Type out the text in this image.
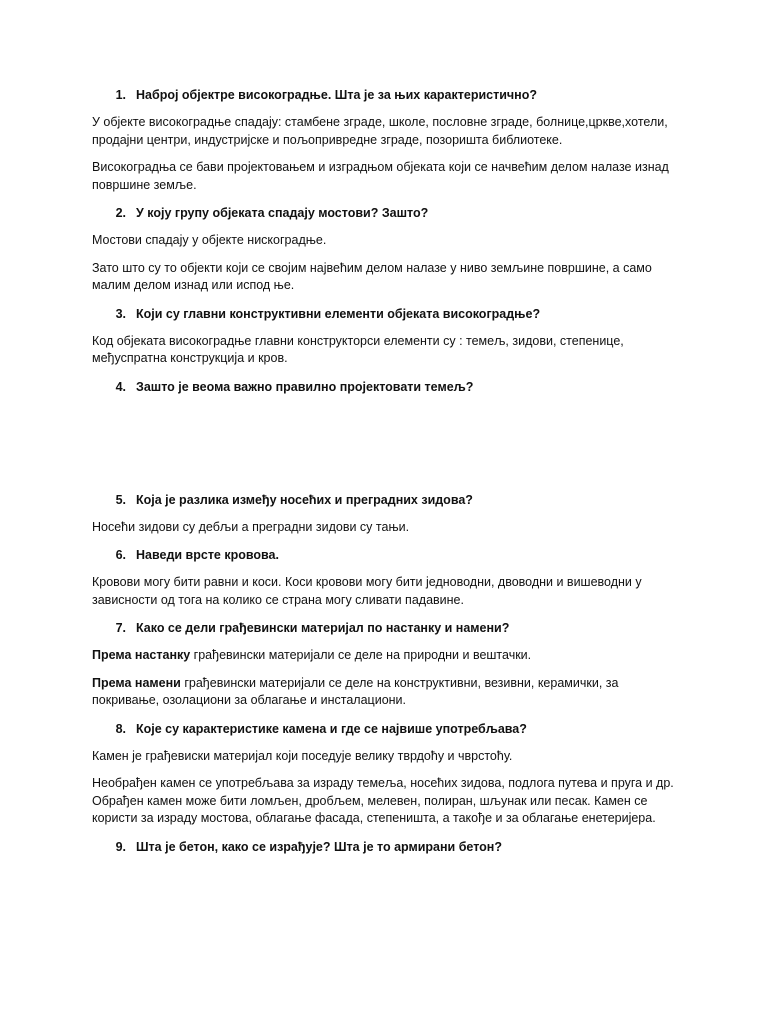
1. Наброј објектре високоградње. Шта је за њих карактеристично?

У објекте високоградње спадају: стамбене зграде, школе, пословне зграде, болнице,цркве,хотели, продајни центри, индустријске и пољопривредне зграде, позоришта библиотеке.

Високоградња се бави пројектовањем и изградњом објеката који се начвећим делом налазе изнад површине земље.

2. У коју групу објеката спадају мостови? Зашто?

Мостови спадају у објекте нискоградње.

Зато што су то објекти који се својим највећим делом налазе у ниво земљине површине, а само малим делом изнад или испод ње.

3. Који су главни конструктивни елементи објеката високоградње?

Код објеката високоградње главни конструкторси елементи су : темељ, зидови, степенице, међуспратна конструкција и кров.

4. Зашто је веома важно правилно пројектовати темељ?
5. Која је разлика између носећих и преградних зидова?

Носећи зидови су дебљи а преградни зидови су тањи.

6. Наведи врсте кровова.

Кровови могу бити равни и коси. Коси кровови могу бити једноводни, двоводни и вишеводни у зависности од тога на колико се страна могу сливати падавине.

7. Како се дели грађевински материјал по настанку и намени?

Према настанку грађевински материјали се деле на природни и вештачки.

Према намени грађевински материјали се деле на конструктивни, везивни, керамички, за покривање, озолациони за облагање и инсталациони.

8. Које су карактеристике камена и где се највише употребљава?

Камен је грађевиски материјал који поседује велику тврдоћу и чврстоћу.

Необрађен камен се употребљава за израду темеља, носећих зидова, подлога путева и пруга и др. Обрађен камен може бити ломљен, дробљем, мелевен, полиран, шљунак или песак. Камен се користи за израду мостова, облагање фасада, степеништа, а такође и за облагање енетеријера.

9. Шта је бетон, како се израђује? Шта је то армирани бетон?
